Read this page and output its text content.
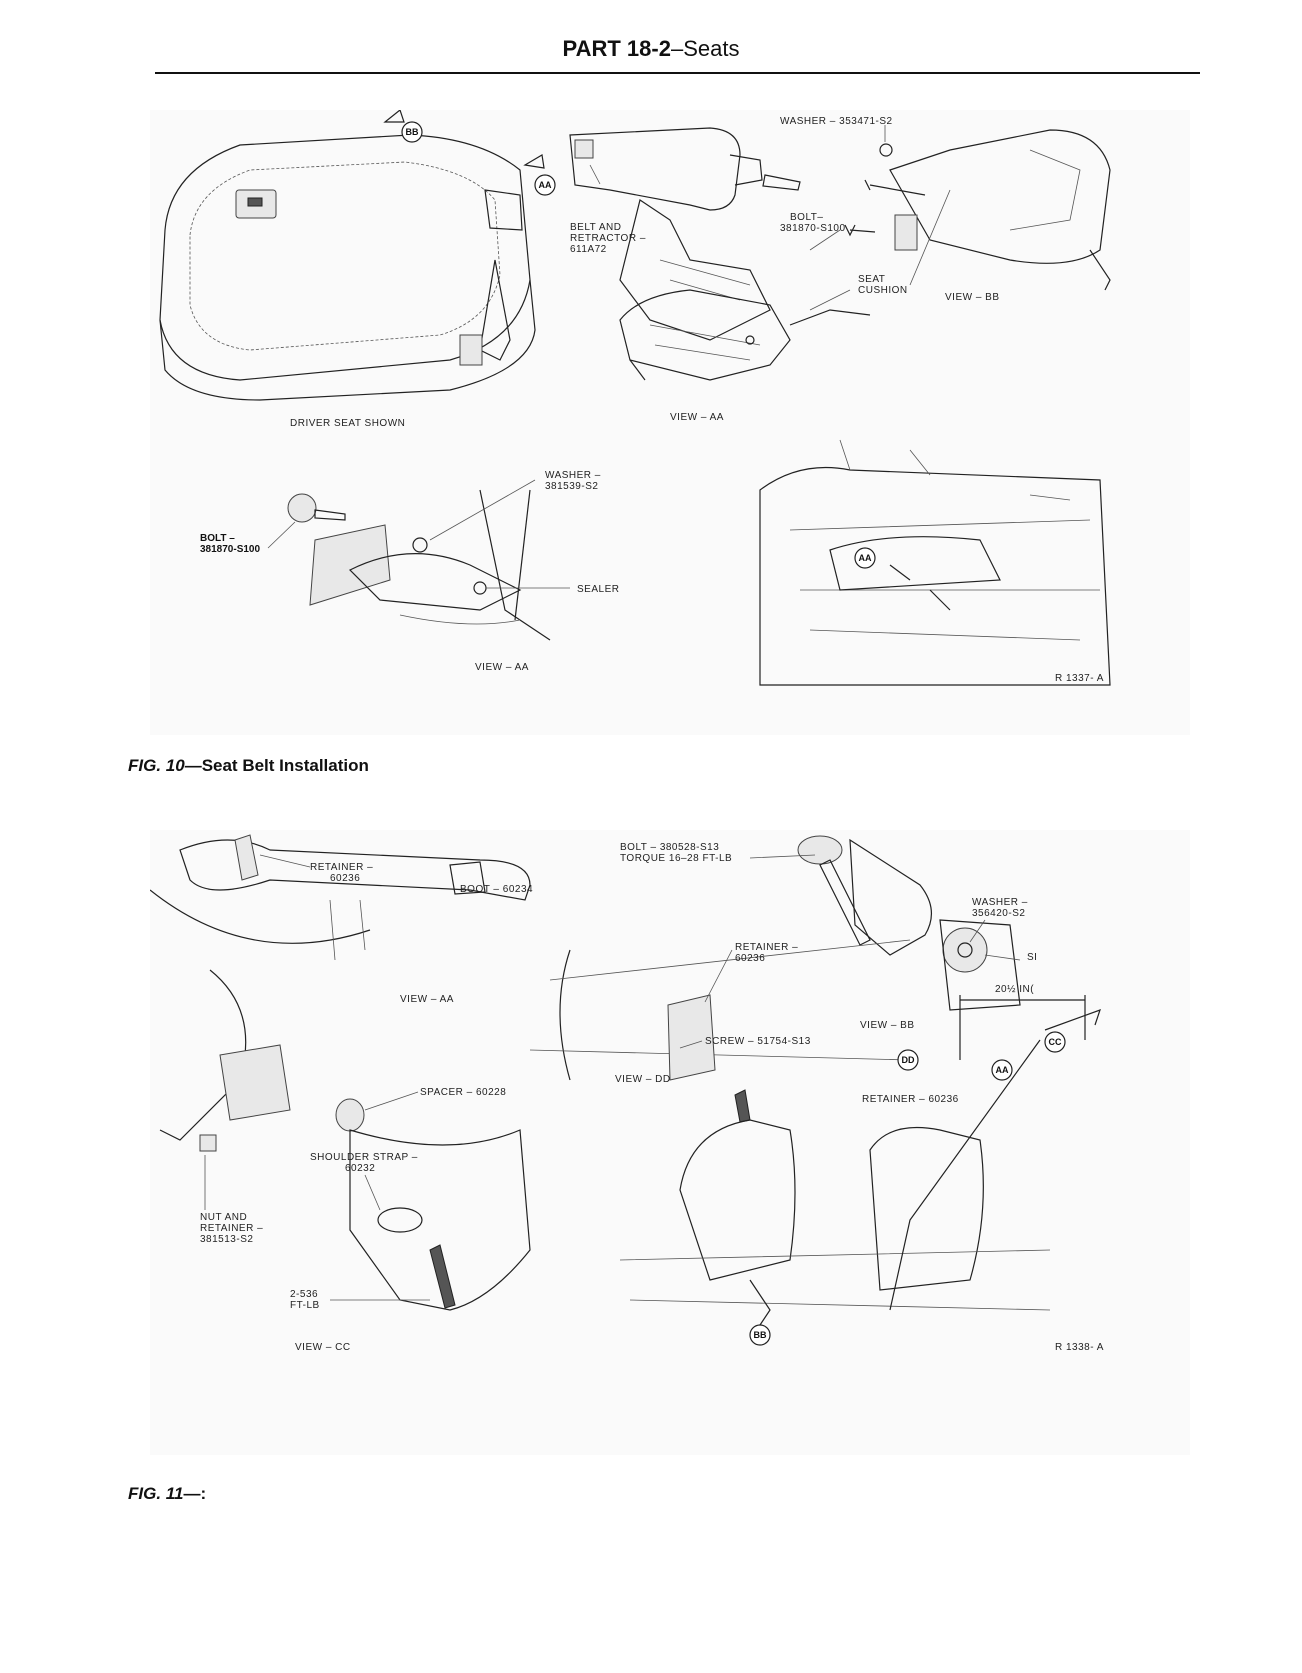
PART 18-2–Seats
BB
AA
WASHER – 353471-S2
BELT AND
RETRACTOR –
611A72
BOLT–
381870-S100
SEAT
CUSHION
VIEW – BB
DRIVER SEAT SHOWN
VIEW – AA
WASHER –
381539-S2
BOLT –
381870-S100
SEALER
VIEW – AA
AA
R 1337- A
FIG. 10—Seat Belt Installation
RETAINER –
60236
BOOT – 60234
VIEW – AA
BOLT – 380528-S13
TORQUE 16–28 FT-LB
WASHER –
356420-S2
SI
VIEW – BB
RETAINER –
60236
SCREW – 51754-S13
VIEW – DD
20½ IN(
DD
AA
CC
BB
RETAINER – 60236
SPACER – 60228
SHOULDER STRAP –
60232
NUT AND
RETAINER –
381513-S2
2-536
FT-LB
VIEW – CC	R 1338- A
FIG. 11—:
